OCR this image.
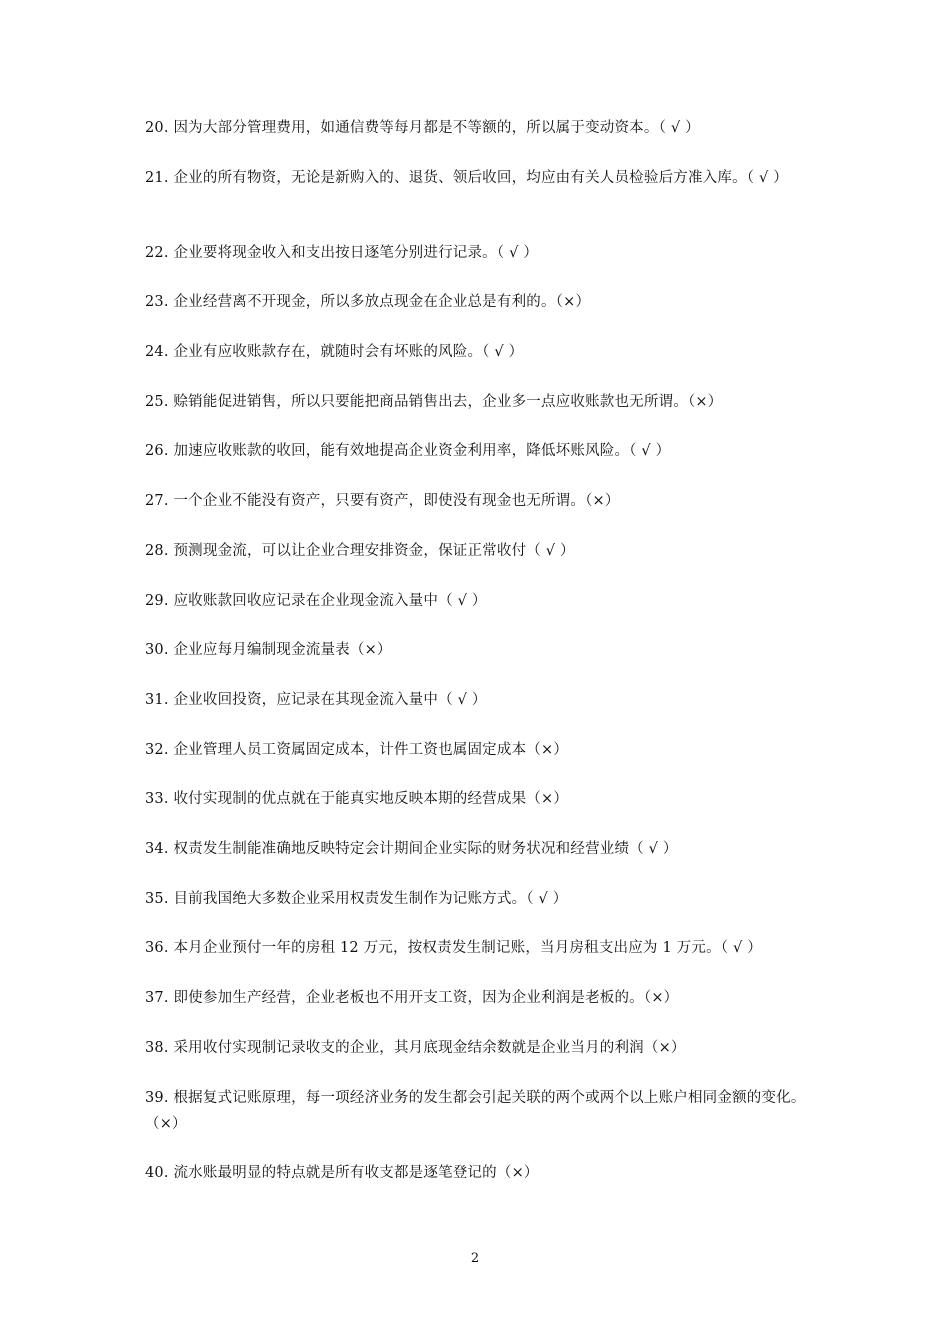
20. 因为大部分管理费用，如通信费等每月都是不等额的，所以属于变动资本。（ √ ）
21. 企业的所有物资，无论是新购入的、退货、领后收回，均应由有关人员检验后方准入库。（ √ ）
22. 企业要将现金收入和支出按日逐笔分别进行记录。（ √ ）
23. 企业经营离不开现金，所以多放点现金在企业总是有利的。（×）
24. 企业有应收账款存在，就随时会有坏账的风险。（ √ ）
25. 赊销能促进销售，所以只要能把商品销售出去，企业多一点应收账款也无所谓。（×）
26. 加速应收账款的收回，能有效地提高企业资金利用率，降低坏账风险。（ √ ）
27. 一个企业不能没有资产，只要有资产，即使没有现金也无所谓。（×）
28. 预测现金流，可以让企业合理安排资金，保证正常收付（ √ ）
29. 应收账款回收应记录在企业现金流入量中（ √ ）
30. 企业应每月编制现金流量表（×）
31. 企业收回投资，应记录在其现金流入量中（ √ ）
32. 企业管理人员工资属固定成本，计件工资也属固定成本（×）
33. 收付实现制的优点就在于能真实地反映本期的经营成果（×）
34. 权责发生制能准确地反映特定会计期间企业实际的财务状况和经营业绩（ √ ）
35. 目前我国绝大多数企业采用权责发生制作为记账方式。（ √ ）
36. 本月企业预付一年的房租 12 万元，按权责发生制记账，当月房租支出应为 1 万元。（ √ ）
37. 即使参加生产经营，企业老板也不用开支工资，因为企业利润是老板的。（×）
38. 采用收付实现制记录收支的企业，其月底现金结余数就是企业当月的利润（×）
39. 根据复式记账原理，每一项经济业务的发生都会引起关联的两个或两个以上账户相同金额的变化。（×）
40. 流水账最明显的特点就是所有收支都是逐笔登记的（×）
2
